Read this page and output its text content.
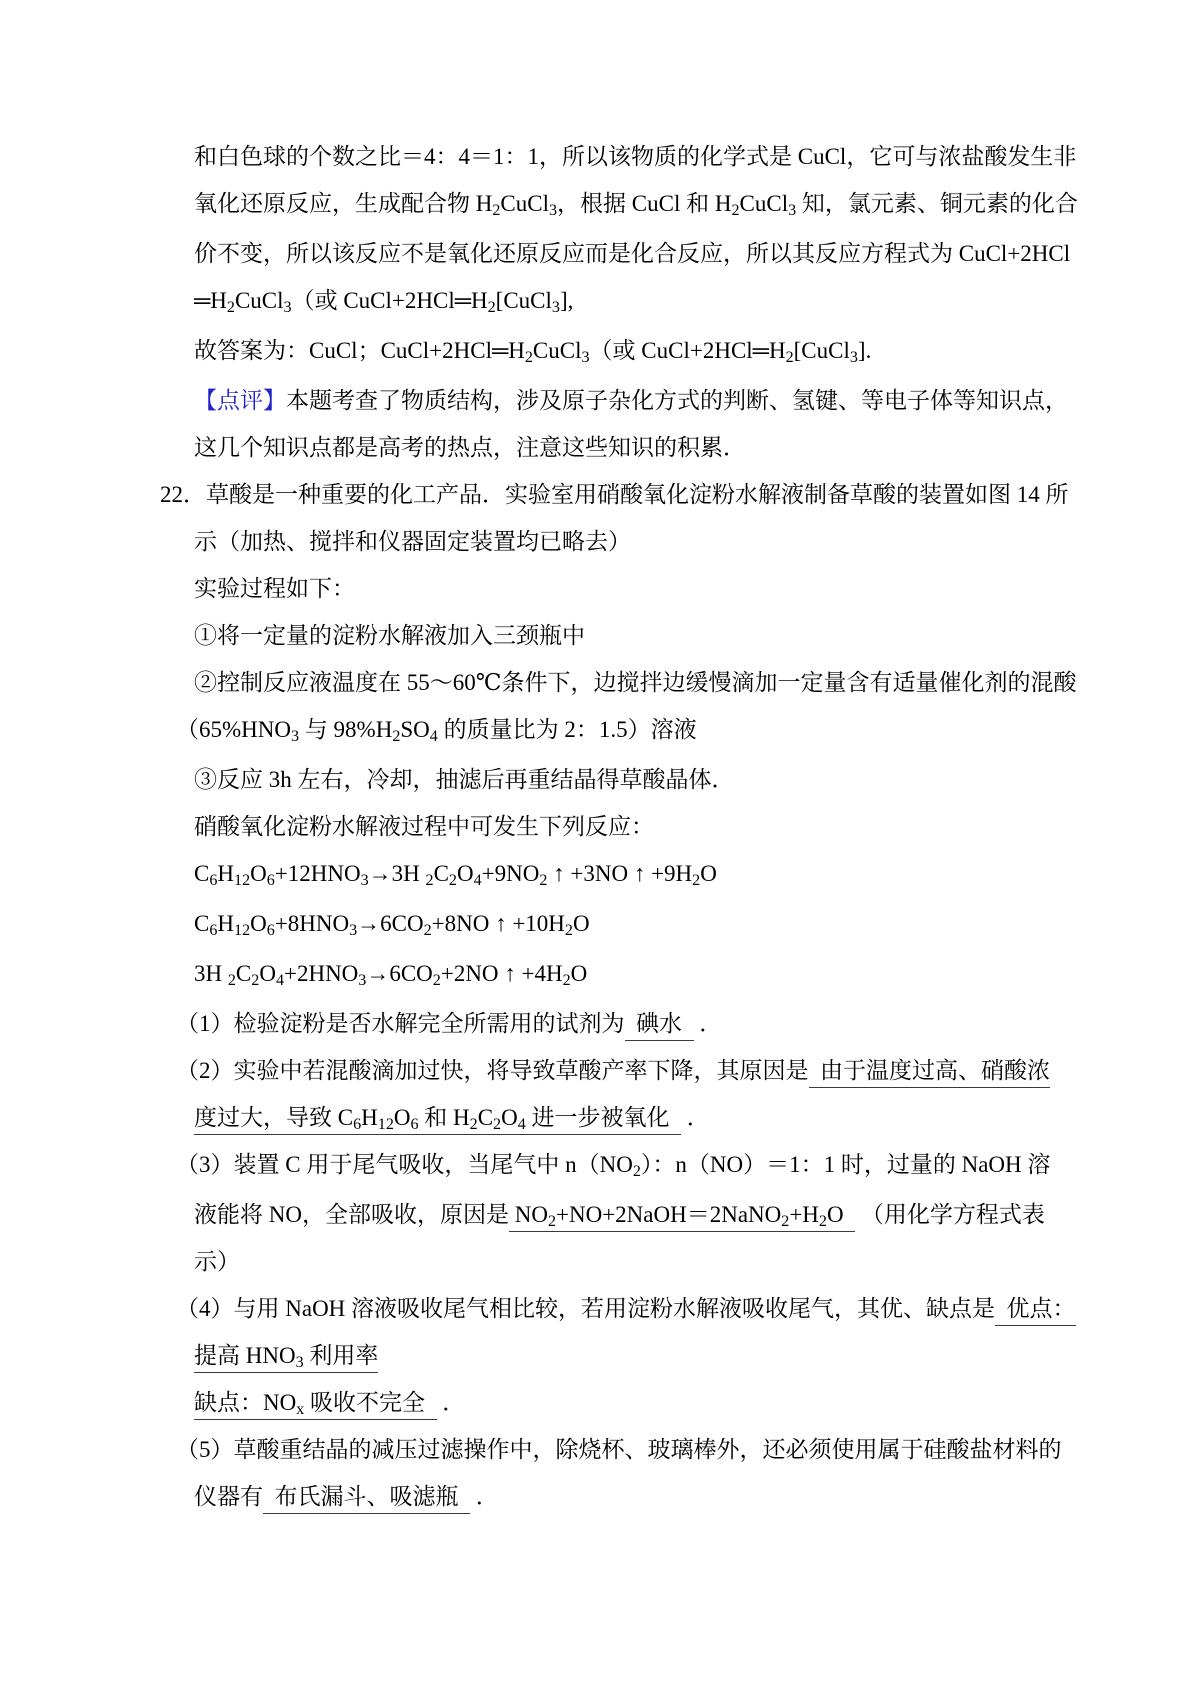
和白色球的个数之比＝4：4＝1：1，所以该物质的化学式是 CuCl，它可与浓盐酸发生非
氧化还原反应，生成配合物 H2CuCl3，根据 CuCl 和 H2CuCl3 知，氯元素、铜元素的化合
价不变，所以该反应不是氧化还原反应而是化合反应，所以其反应方程式为 CuCl+2HCl
═H2CuCl3（或 CuCl+2HCl═H2[CuCl3],
故答案为：CuCl；CuCl+2HCl═H2CuCl3（或 CuCl+2HCl═H2[CuCl3].
【点评】本题考查了物质结构，涉及原子杂化方式的判断、氢键、等电子体等知识点，
这几个知识点都是高考的热点，注意这些知识的积累．
22．草酸是一种重要的化工产品．实验室用硝酸氧化淀粉水解液制备草酸的装置如图 14 所
示（加热、搅拌和仪器固定装置均已略去）
实验过程如下：
①将一定量的淀粉水解液加入三颈瓶中
②控制反应液温度在 55～60℃条件下，边搅拌边缓慢滴加一定量含有适量催化剂的混酸
（65%HNO3 与 98%H2SO4 的质量比为 2：1.5）溶液
③反应 3h 左右，冷却，抽滤后再重结晶得草酸晶体．
硝酸氧化淀粉水解液过程中可发生下列反应：
C6H12O6+12HNO3→3H 2C2O4+9NO2 ↑ +3NO ↑ +9H2O
C6H12O6+8HNO3→6CO2+8NO ↑ +10H2O
3H 2C2O4+2HNO3→6CO2+2NO ↑ +4H2O
（1）检验淀粉是否水解完全所需用的试剂为  碘水   ．
（2）实验中若混酸滴加过快，将导致草酸产率下降，其原因是  由于温度过高、硝酸浓
度过大，导致 C6H12O6 和 H2C2O4 进一步被氧化   ．
（3）装置 C 用于尾气吸收，当尾气中 n（NO2）：n（NO）＝1：1 时，过量的 NaOH 溶
液能将 NO，全部吸收，原因是 NO2+NO+2NaOH＝2NaNO2+H2O   （用化学方程式表
示）
（4）与用 NaOH 溶液吸收尾气相比较，若用淀粉水解液吸收尾气，其优、缺点是  优点：
提高 HNO3 利用率
缺点：NOx 吸收不完全   ．
（5）草酸重结晶的减压过滤操作中，除烧杯、玻璃棒外，还必须使用属于硅酸盐材料的
仪器有  布氏漏斗、吸滤瓶   ．
